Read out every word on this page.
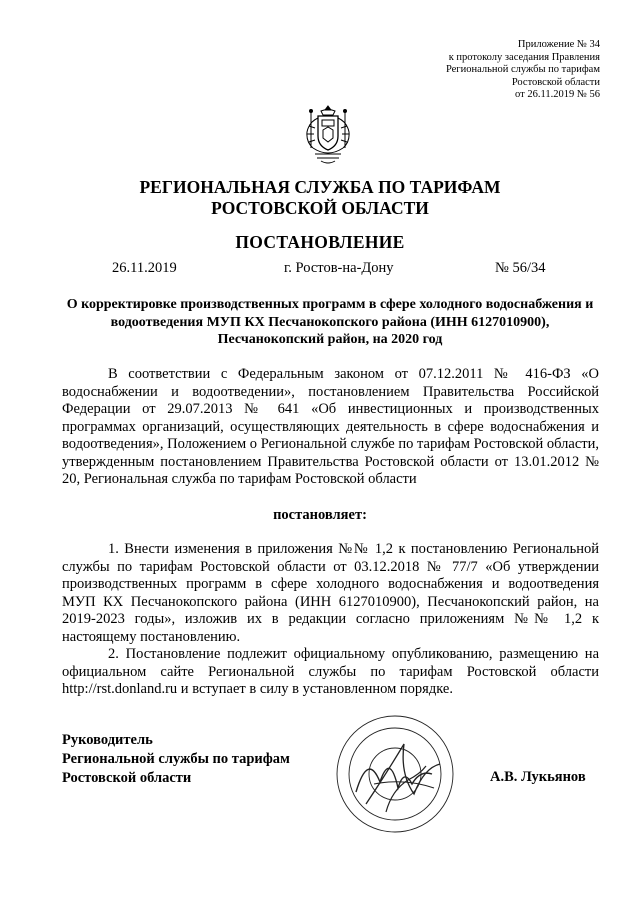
Приложение № 34
к протоколу заседания Правления
Региональной службы по тарифам
Ростовской области
от 26.11.2019 № 56
РЕГИОНАЛЬНАЯ СЛУЖБА ПО ТАРИФАМ
РОСТОВСКОЙ ОБЛАСТИ
ПОСТАНОВЛЕНИЕ
26.11.2019	г. Ростов-на-Дону	№ 56/34
О корректировке производственных программ в сфере холодного водоснабжения и водоотведения МУП КХ Песчанокопского района (ИНН 6127010900), Песчанокопский район, на 2020 год
В соответствии с Федеральным законом от 07.12.2011 № 416-ФЗ «О водоснабжении и водоотведении», постановлением Правительства Российской Федерации от 29.07.2013 № 641 «Об инвестиционных и производственных программах организаций, осуществляющих деятельность в сфере водоснабжения и водоотведения», Положением о Региональной службе по тарифам Ростовской области, утвержденным постановлением Правительства Ростовской области от 13.01.2012 № 20, Региональная служба по тарифам Ростовской области
постановляет:
1. Внести изменения в приложения №№ 1,2 к постановлению Региональной службы по тарифам Ростовской области от 03.12.2018 № 77/7 «Об утверждении производственных программ в сфере холодного водоснабжения и водоотведения МУП КХ Песчанокопского района (ИНН 6127010900), Песчанокопский район, на 2019-2023 годы», изложив их в редакции согласно приложениям №№ 1,2 к настоящему постановлению.
2. Постановление подлежит официальному опубликованию, размещению на официальном сайте Региональной службы по тарифам Ростовской области http://rst.donland.ru и вступает в силу в установленном порядке.
Руководитель
Региональной службы по тарифам
Ростовской области	А.В. Лукьянов
